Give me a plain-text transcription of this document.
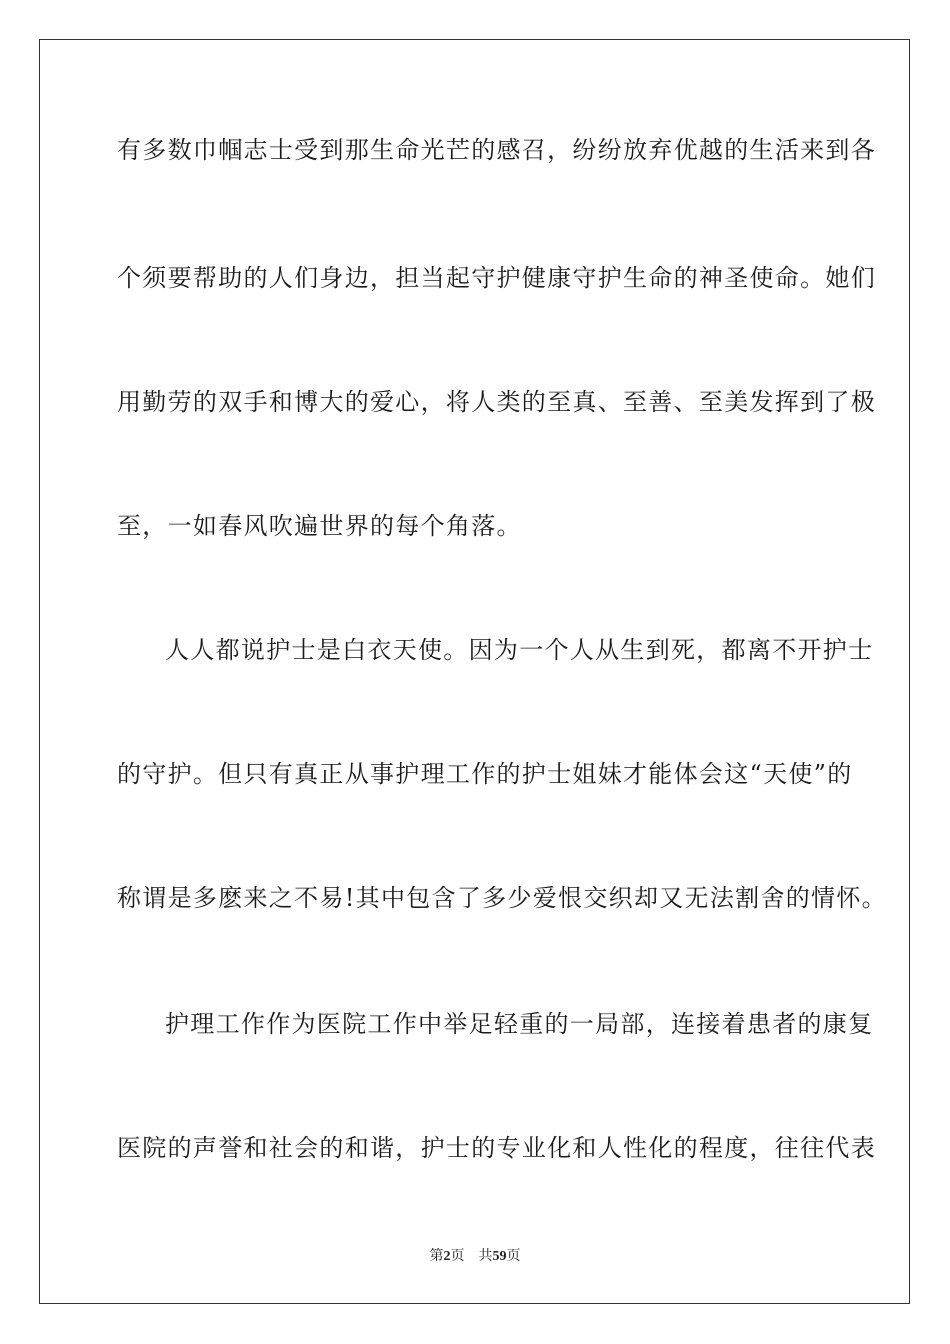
有多数巾帼志士受到那生命光芒的感召，纷纷放弃优越的生活来到各
个须要帮助的人们身边，担当起守护健康守护生命的神圣使命。她们
用勤劳的双手和博大的爱心，将人类的至真、至善、至美发挥到了极
至，一如春风吹遍世界的每个角落。
人人都说护士是白衣天使。因为一个人从生到死，都离不开护士
的守护。但只有真正从事护理工作的护士姐妹才能体会这“天使”的
称谓是多麽来之不易!其中包含了多少爱恨交织却又无法割舍的情怀。
护理工作作为医院工作中举足轻重的一局部，连接着患者的康复
医院的声誉和社会的和谐，护士的专业化和人性化的程度，往往代表
第2页 共59页
